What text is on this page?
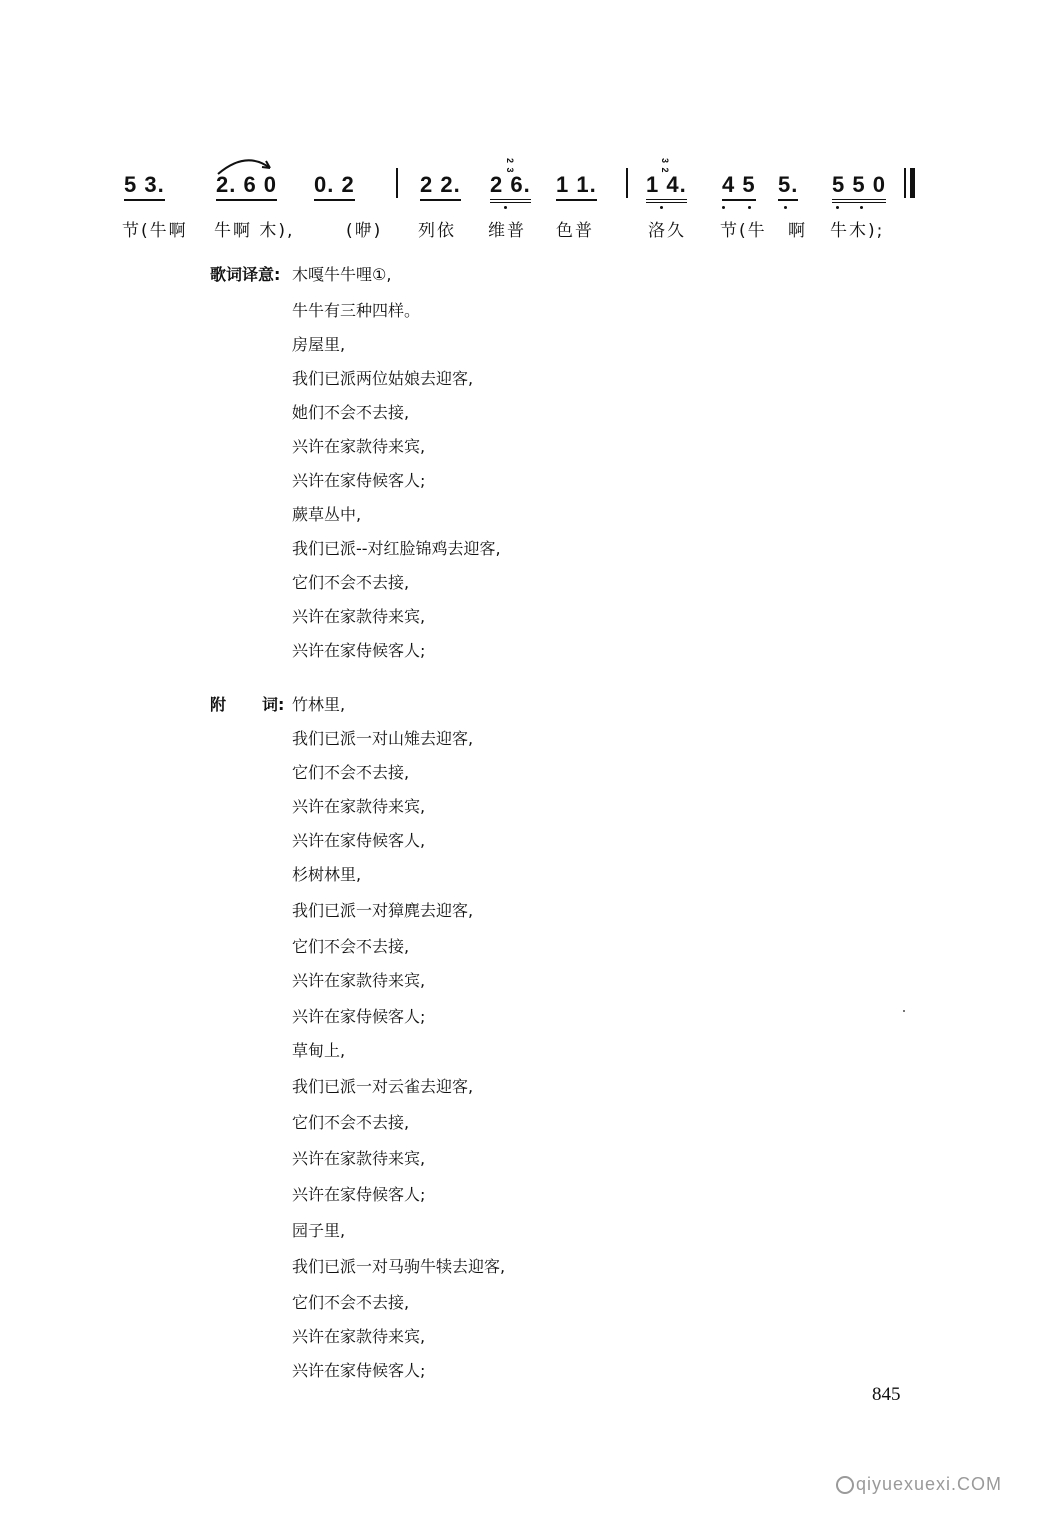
5 3. 2. 6 0 0. 2	2 2.
2 3
2 6. 1 1.
3 2
1 4. 4 5 5. 5 5 0
节(牛啊 牛啊 木),	(咿) 列依 维普 色普	洛久 节(牛 啊 牛木);
歌词译意: 木嘎牛牛哩①,
牛牛有三种四样。
房屋里,
我们已派两位姑娘去迎客,
她们不会不去接,
兴许在家款待来宾,
兴许在家侍候客人;
蕨草丛中,
我们已派--对红脸锦鸡去迎客,
它们不会不去接,
兴许在家款待来宾,
兴许在家侍候客人;
附 词: 竹林里,
我们已派一对山雉去迎客,
它们不会不去接,
兴许在家款待来宾,
兴许在家侍候客人,
杉树林里,
我们已派一对獐麂去迎客,
它们不会不去接,
兴许在家款待来宾,
兴许在家侍候客人;
草甸上,
我们已派一对云雀去迎客,
它们不会不去接,
兴许在家款待来宾,
兴许在家侍候客人;
园子里,
我们已派一对马驹牛犊去迎客,
它们不会不去接,
兴许在家款待来宾,
兴许在家侍候客人;
845
qiyuexuexi.COM
